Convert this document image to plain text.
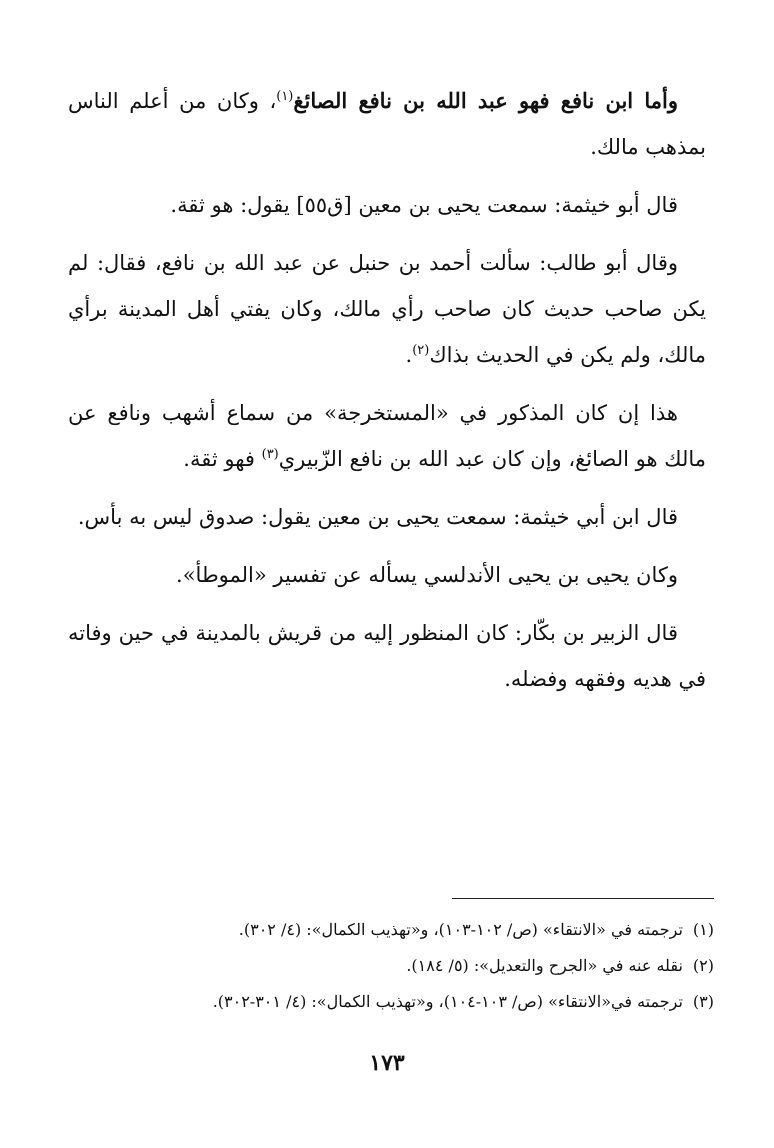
وأما ابن نافع فهو عبد الله بن نافع الصائغ$^{(١)}$، وكان من أعلم الناس بمذهب مالك.

قال أبو خيثمة: سمعت يحيى بن معين [ق٥٥] يقول: هو ثقة.

وقال أبو طالب: سألت أحمد بن حنبل عن عبد الله بن نافع، فقال: لم يكن صاحب حديث كان صاحب رأي مالك، وكان يفتي أهل المدينة برأي مالك، ولم يكن في الحديث بذاك$^{(٢)}$.

هذا إن كان المذكور في «المستخرجة» من سماع أشهب ونافع عن مالك هو الصائغ، وإن كان عبد الله بن نافع الزّبيري$^{(٣)}$ فهو ثقة.

قال ابن أبي خيثمة: سمعت يحيى بن معين يقول: صدوق ليس به بأس.

وكان يحيى بن يحيى الأندلسي يسأله عن تفسير «الموطأ».

قال الزبير بن بكّار: كان المنظور إليه من قريش بالمدينة في حين وفاته في هديه وفقهه وفضله.

(١)ترجمته في «الانتقاء» (ص/ ١٠٢-١٠٣)، و«تهذيب الكمال»: (٤/ ٣٠٢).

(٢)نقله عنه في «الجرح والتعديل»: (٥/ ١٨٤).

(٣)ترجمته في«الانتقاء» (ص/ ١٠٣-١٠٤)، و«تهذيب الكمال»: (٤/ ٣٠١-٣٠٢).

١٧٣
